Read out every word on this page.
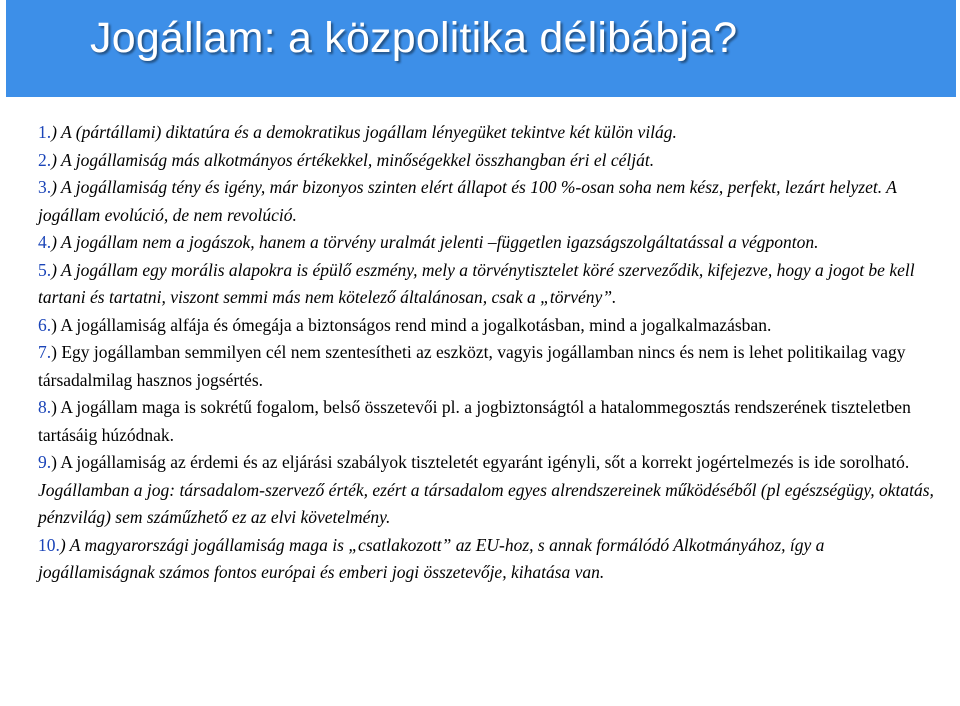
Jogállam: a közpolitika délibábja?

1.) A (pártállami) diktatúra és a demokratikus jogállam lényegüket tekintve két külön világ.

2.) A jogállamiság más alkotmányos értékekkel, minőségekkel összhangban éri el célját.

3.) A jogállamiság tény és igény, már bizonyos szinten elért állapot és 100 %-osan soha nem kész, perfekt, lezárt helyzet. A jogállam evolúció, de nem revolúció.

4.) A jogállam nem a jogászok, hanem a törvény uralmát jelenti –független igazságszolgáltatással a végponton.

5.) A jogállam egy morális alapokra is épülő eszmény, mely a törvénytisztelet köré szerveződik, kifejezve, hogy a jogot be kell tartani és tartatni, viszont semmi más nem kötelező általánosan, csak a „törvény”.

6.) A jogállamiság alfája és ómegája a biztonságos rend mind a jogalkotásban, mind a jogalkalmazásban.

7.) Egy jogállamban semmilyen cél nem szentesítheti az eszközt, vagyis jogállamban nincs és nem is lehet politikailag vagy társadalmilag hasznos jogsértés.

8.) A jogállam maga is sokrétű fogalom, belső összetevői pl. a jogbiztonságtól a hatalommegosztás rendszerének tiszteletben tartásáig húzódnak.

9.) A jogállamiság az érdemi és az eljárási szabályok tiszteletét egyaránt igényli, sőt a korrekt jogértelmezés is ide sorolható. Jogállamban a jog: társadalom-szervező érték, ezért a társadalom egyes alrendszereinek működéséből (pl egészségügy, oktatás, pénzvilág) sem száműzhető ez az elvi követelmény.

10.) A magyarországi jogállamiság maga is „csatlakozott” az EU-hoz, s annak formálódó Alkotmányához, így a jogállamiságnak számos fontos európai és emberi jogi összetevője, kihatása van.
